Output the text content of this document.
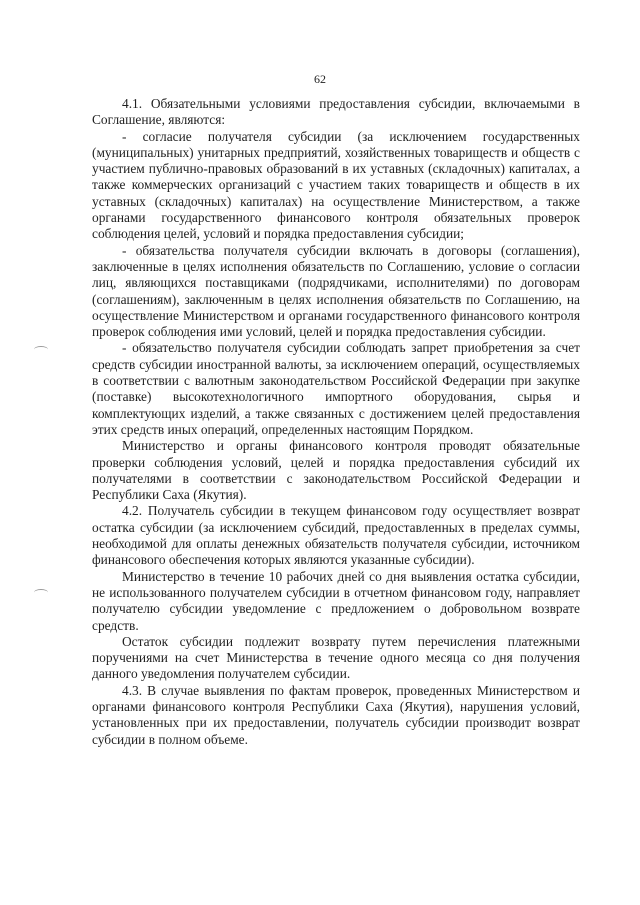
62

4.1. Обязательными условиями предоставления субсидии, включаемыми в Соглашение, являются:

- согласие получателя субсидии (за исключением государственных (муниципальных) унитарных предприятий, хозяйственных товариществ и обществ с участием публично-правовых образований в их уставных (складочных) капиталах, а также коммерческих организаций с участием таких товариществ и обществ в их уставных (складочных) капиталах) на осуществление Министерством, а также органами государственного финансового контроля обязательных проверок соблюдения целей, условий и порядка предоставления субсидии;

- обязательства получателя субсидии включать в договоры (соглашения), заключенные в целях исполнения обязательств по Соглашению, условие о согласии лиц, являющихся поставщиками (подрядчиками, исполнителями) по договорам (соглашениям), заключенным в целях исполнения обязательств по Соглашению, на осуществление Министерством и органами государственного финансового контроля проверок соблюдения ими условий, целей и порядка предоставления субсидии.

- обязательство получателя субсидии соблюдать запрет приобретения за счет средств субсидии иностранной валюты, за исключением операций, осуществляемых в соответствии с валютным законодательством Российской Федерации при закупке (поставке) высокотехнологичного импортного оборудования, сырья и комплектующих изделий, а также связанных с достижением целей предоставления этих средств иных операций, определенных настоящим Порядком.

Министерство и органы финансового контроля проводят обязательные проверки соблюдения условий, целей и порядка предоставления субсидий их получателями в соответствии с законодательством Российской Федерации и Республики Саха (Якутия).

4.2. Получатель субсидии в текущем финансовом году осуществляет возврат остатка субсидии (за исключением субсидий, предоставленных в пределах суммы, необходимой для оплаты денежных обязательств получателя субсидии, источником финансового обеспечения которых являются указанные субсидии).

Министерство в течение 10 рабочих дней со дня выявления остатка субсидии, не использованного получателем субсидии в отчетном финансовом году, направляет получателю субсидии уведомление с предложением о добровольном возврате средств.

Остаток субсидии подлежит возврату путем перечисления платежными поручениями на счет Министерства в течение одного месяца со дня получения данного уведомления получателем субсидии.

4.3. В случае выявления по фактам проверок, проведенных Министерством и органами финансового контроля Республики Саха (Якутия), нарушения условий, установленных при их предоставлении, получатель субсидии производит возврат субсидии в полном объеме.
